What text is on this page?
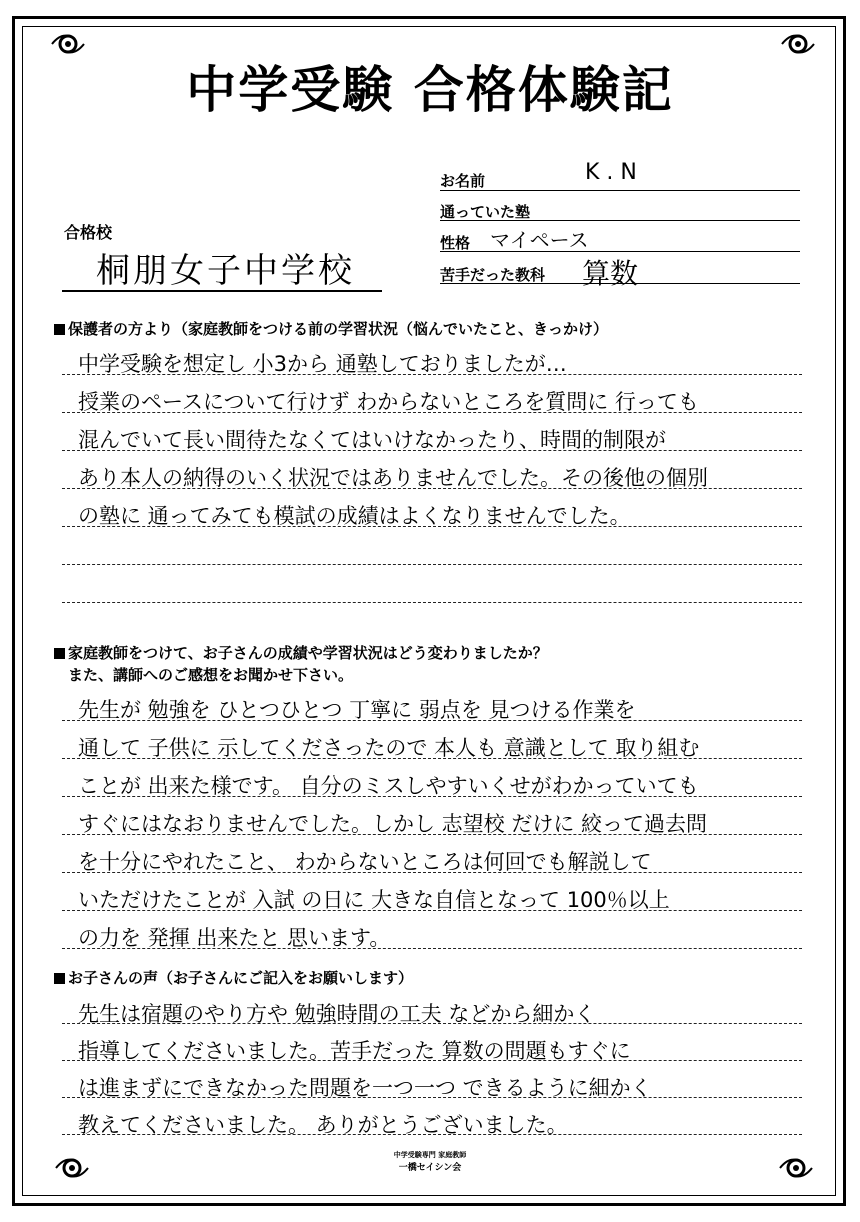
中学受験 合格体験記
お名前	K . N
通っていた塾
性格 マイペース
苦手だった教科 算数
合格校
桐朋女子中学校
保護者の方より（家庭教師をつける前の学習状況（悩んでいたこと、きっかけ）
中学受験を想定し 小3から 通塾しておりましたが…
授業のペースについて行けず わからないところを質問に 行っても
混んでいて長い間待たなくてはいけなかったり、時間的制限が
あり本人の納得のいく状況ではありませんでした。その後他の個別
の塾に 通ってみても模試の成績はよくなりませんでした。
家庭教師をつけて、お子さんの成績や学習状況はどう変わりましたか？
また、講師へのご感想をお聞かせ下さい。
先生が 勉強を ひとつひとつ 丁寧に 弱点を 見つける作業を
通して 子供に 示してくださったので 本人も 意識として 取り組む
ことが 出来た様です。 自分のミスしやすいくせがわかっていても
すぐにはなおりませんでした。しかし 志望校 だけに 絞って過去問
を十分にやれたこと、 わからないところは何回でも解説して
いただけたことが 入試 の日に 大きな自信となって 100％以上
の力を 発揮 出来たと 思います。
お子さんの声（お子さんにご記入をお願いします）
先生は宿題のやり方や 勉強時間の工夫 などから細かく
指導してくださいました。苦手だった 算数の問題もすぐに
は進まずにできなかった問題を一つ一つ できるように細かく
教えてくださいました。 ありがとうございました。
中学受験専門 家庭教師
一橋セイシン会
